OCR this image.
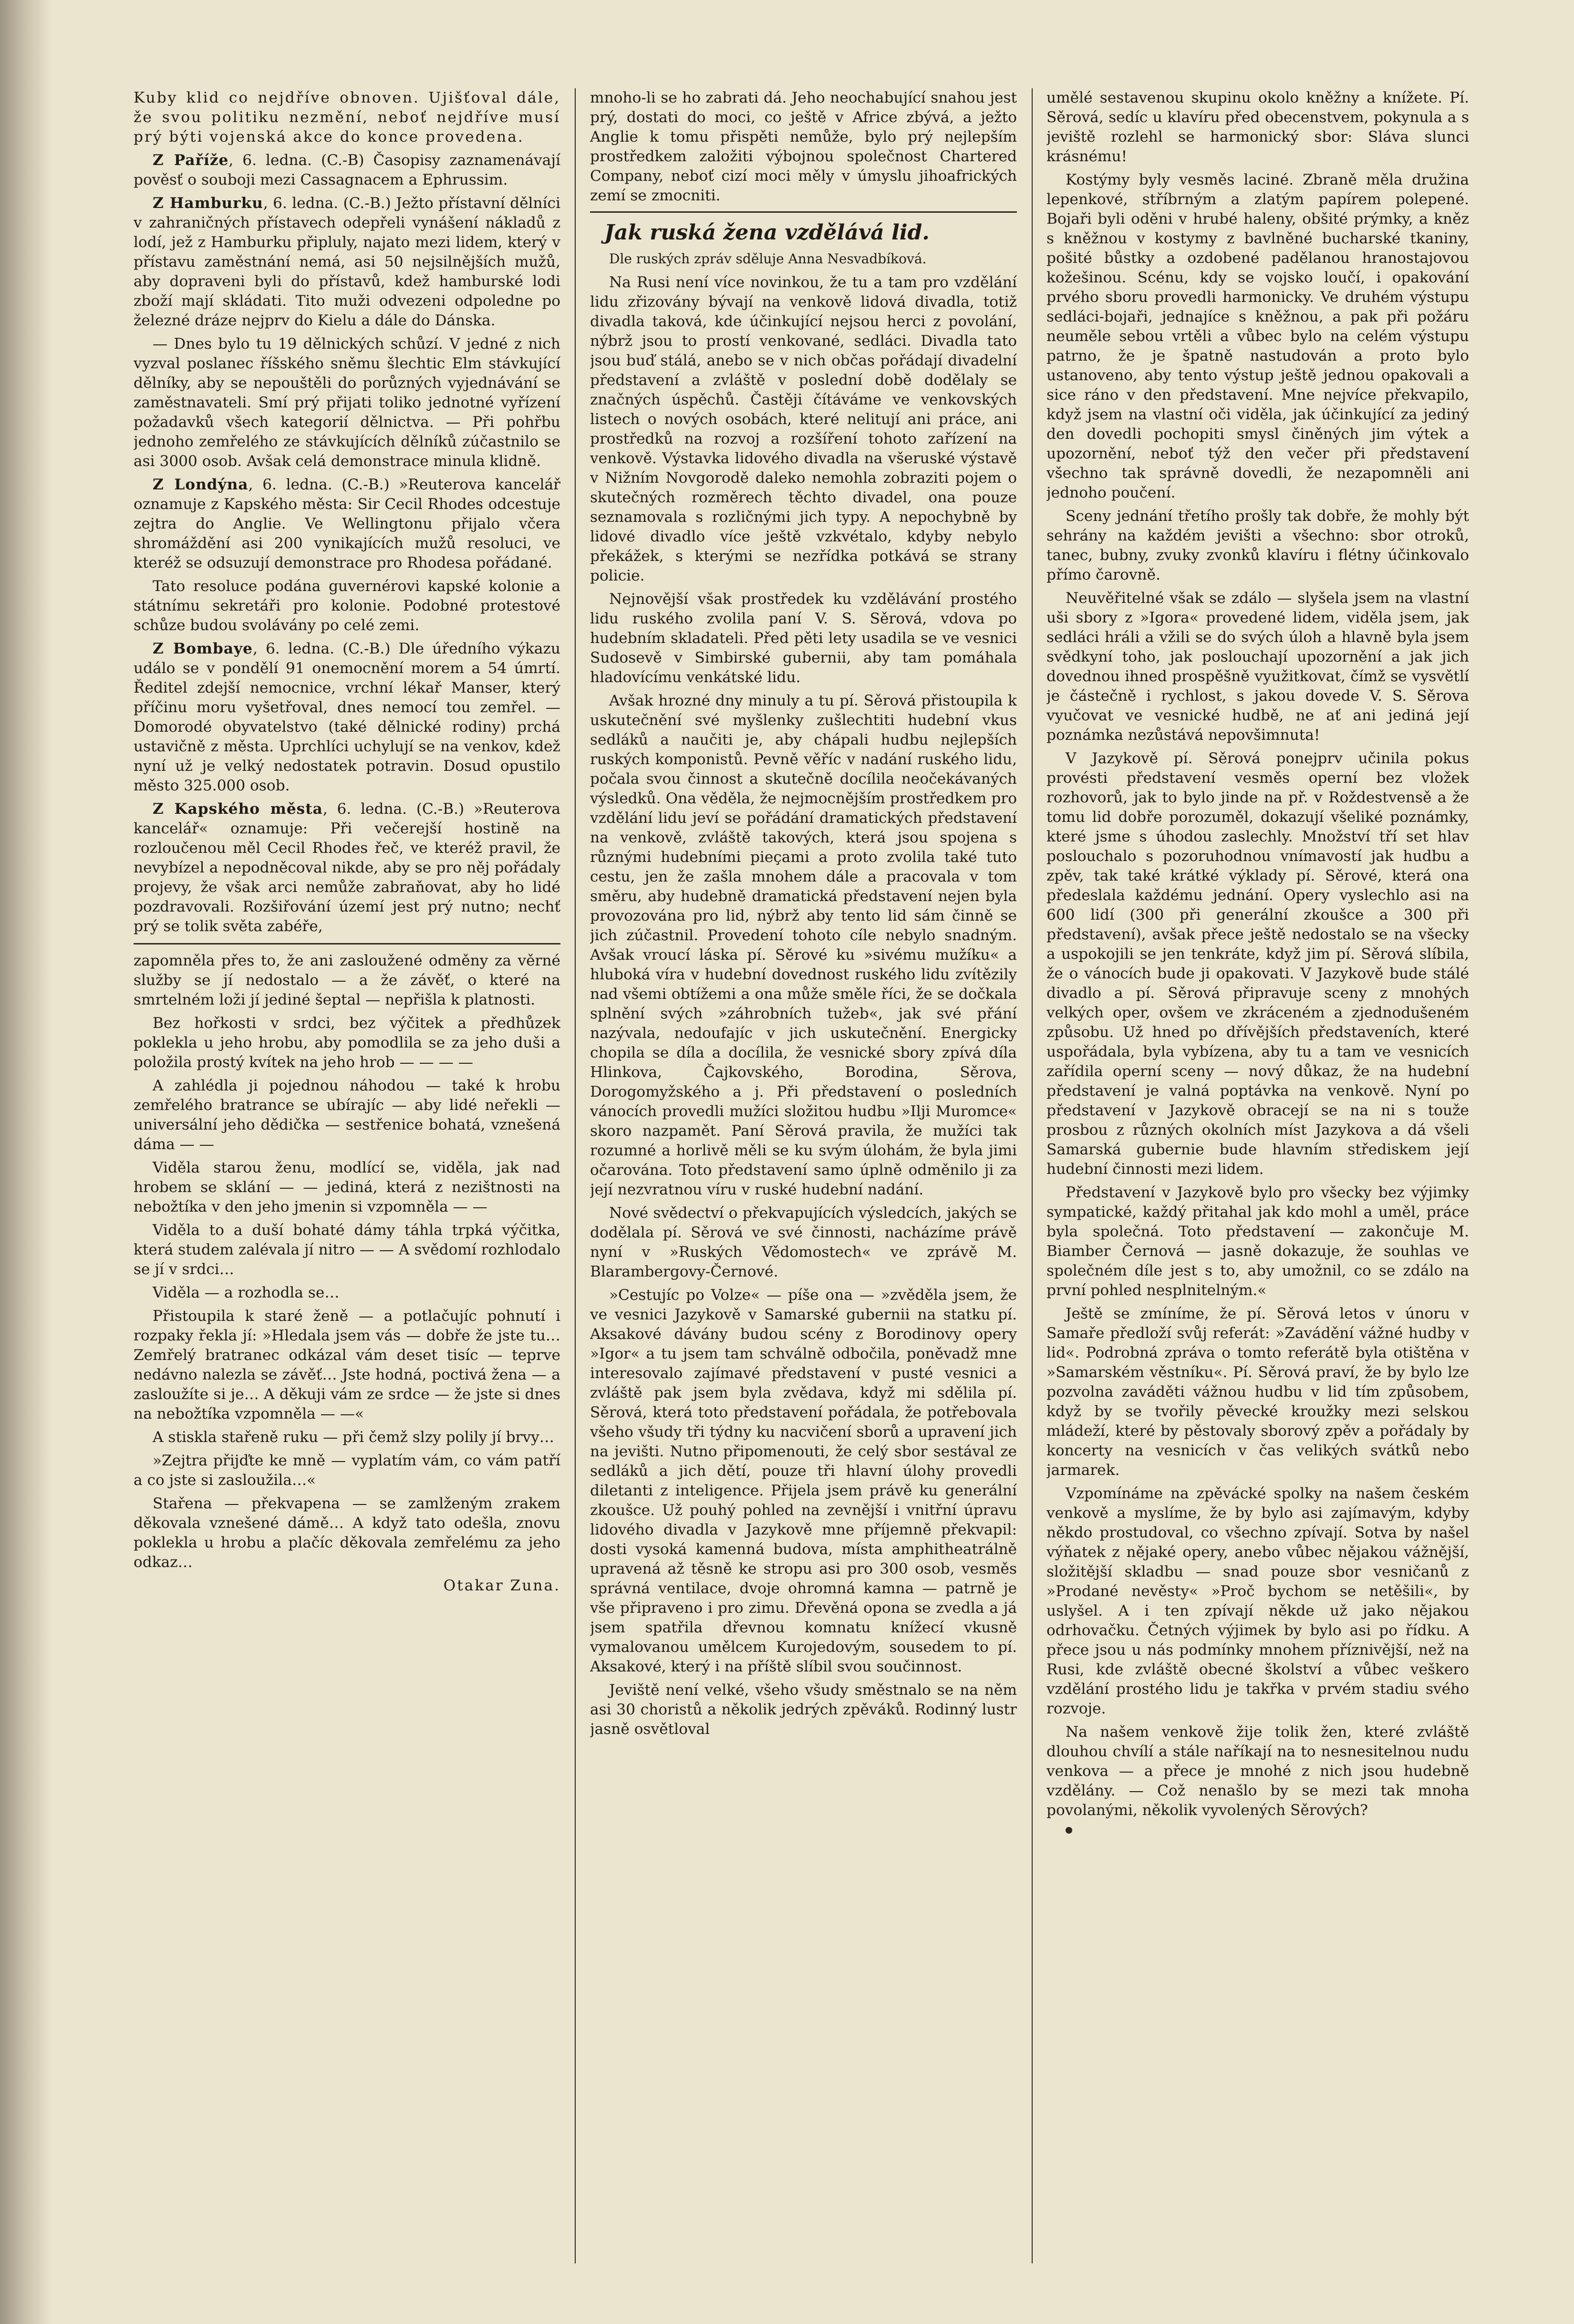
Kuby klid co nejdříve obnoven. Ujišťoval dále, že svou politiku nezmění, neboť nejdříve musí prý býti vojenská akce do konce provedena.

Z Paříže, 6. ledna. (C.-B) Časopisy zaznamenávají pověsť o souboji mezi Cassagnacem a Ephrussim.

Z Hamburku, 6. ledna. (C.-B.) Ježto přístavní dělníci v zahraničných přístavech odepřeli vynášení nákladů z lodí, jež z Hamburku připluly, najato mezi lidem, který v přístavu zaměstnání nemá, asi 50 nejsilnějších mužů, aby dopraveni byli do přístavů, kdež hamburské lodi zboží mají skládati. Tito muži odvezeni odpoledne po železné dráze nejprv do Kielu a dále do Dánska.

— Dnes bylo tu 19 dělnických schůzí. V jedné z nich vyzval poslanec říšského sněmu šlechtic Elm stávkující dělníky, aby se nepouštěli do porůzných vyjednávání se zaměstnavateli. Smí prý přijati toliko jednotné vyřízení požadavků všech kategorií dělnictva. — Při pohřbu jednoho zemřelého ze stávkujících dělníků zúčastnilo se asi 3000 osob. Avšak celá demonstrace minula klidně.

Z Londýna, 6. ledna. (C.-B.) »Reuterova kancelář oznamuje z Kapského města: Sir Cecil Rhodes odcestuje zejtra do Anglie. Ve Wellingtonu přijalo včera shromáždění asi 200 vynikajících mužů resoluci, ve kteréž se odsuzují demonstrace pro Rhodesa pořádané.

Tato resoluce podána guvernérovi kapské kolonie a státnímu sekretáři pro kolonie. Podobné protestové schůze budou svolávány po celé zemi.

Z Bombaye, 6. ledna. (C.-B.) Dle úředního výkazu událo se v pondělí 91 onemocnění morem a 54 úmrtí. Ředitel zdejší nemocnice, vrchní lékař Manser, který příčinu moru vyšetřoval, dnes nemocí tou zemřel. — Domorodé obyvatelstvo (také dělnické rodiny) prchá ustavičně z města. Uprchlíci uchylují se na venkov, kdež nyní už je velký nedostatek potravin. Dosud opustilo město 325.000 osob.

Z Kapského města, 6. ledna. (C.-B.) »Reuterova kancelář« oznamuje: Při večerejší hostině na rozloučenou měl Cecil Rhodes řeč, ve kteréž pravil, že nevybízel a nepodněcoval nikde, aby se pro něj pořádaly projevy, že však arci nemůže zabraňovat, aby ho lidé pozdravovali. Rozšiřování území jest prý nutno; nechť prý se tolik světa zabéře,

zapomněla přes to, že ani zasloužené odměny za věrné služby se jí nedostalo — a že závěť, o které na smrtelném loži jí jediné šeptal — nepřišla k platnosti.

Bez hořkosti v srdci, bez výčitek a předhůzek poklekla u jeho hrobu, aby pomodlila se za jeho duši a položila prostý kvítek na jeho hrob — — — —

A zahlédla ji pojednou náhodou — také k hrobu zemřelého bratrance se ubírajíc — aby lidé neřekli — universální jeho dědička — sestřenice bohatá, vznešená dáma — —

Viděla starou ženu, modlící se, viděla, jak nad hrobem se sklání — — jediná, která z nezištnosti na nebožtíka v den jeho jmenin si vzpomněla — —

Viděla to a duší bohaté dámy táhla trpká výčitka, která studem zalévala jí nitro — — A svědomí rozhlodalo se jí v srdci…

Viděla — a rozhodla se…

Přistoupila k staré ženě — a potlačujíc pohnutí i rozpaky řekla jí: »Hledala jsem vás — dobře že jste tu… Zemřelý bratranec odkázal vám deset tisíc — teprve nedávno nalezla se závěť… Jste hodná, poctivá žena — a zasloužíte si je… A děkuji vám ze srdce — že jste si dnes na nebožtíka vzpomněla — —«

A stiskla stařeně ruku — při čemž slzy polily jí brvy…

»Zejtra přijďte ke mně — vyplatím vám, co vám patří a co jste si zasloužila…«

Stařena — překvapena — se zamlženým zrakem děkovala vznešené dámě… A když tato odešla, znovu poklekla u hrobu a plačíc děkovala zemřelému za jeho odkaz…

Otakar Zuna.

mnoho-li se ho zabrati dá. Jeho neochabující snahou jest prý, dostati do moci, co ještě v Africe zbývá, a ježto Anglie k tomu přispěti nemůže, bylo prý nejlepším prostředkem založiti výbojnou společnost Chartered Company, neboť cizí moci měly v úmyslu jihoafrických zemí se zmocniti.

Jak ruská žena vzdělává lid.

Dle ruských zpráv sděluje Anna Nesvadbíková.

Na Rusi není více novinkou, že tu a tam pro vzdělání lidu zřizovány bývají na venkově lidová divadla, totiž divadla taková, kde účinkující nejsou herci z povolání, nýbrž jsou to prostí venkované, sedláci. Divadla tato jsou buď stálá, anebo se v nich občas pořádají divadelní představení a zvláště v poslední době dodělaly se značných úspěchů. Častěji čítáváme ve venkovských listech o nových osobách, které nelitují ani práce, ani prostředků na rozvoj a rozšíření tohoto zařízení na venkově. Výstavka lidového divadla na všeruské výstavě v Nižním Novgorodě daleko nemohla zobraziti pojem o skutečných rozměrech těchto divadel, ona pouze seznamovala s rozličnými jich typy. A nepochybně by lidové divadlo více ještě vzkvétalo, kdyby nebylo překážek, s kterými se nezřídka potkává se strany policie.

Nejnovější však prostředek ku vzdělávání prostého lidu ruského zvolila paní V. S. Sěrová, vdova po hudebním skladateli. Před pěti lety usadila se ve vesnici Sudosevě v Simbirské gubernii, aby tam pomáhala hladovícímu venkátské lidu.

Avšak hrozné dny minuly a tu pí. Sěrová přistoupila k uskutečnění své myšlenky zušlechtiti hudební vkus sedláků a naučiti je, aby chápali hudbu nejlepších ruských komponistů. Pevně věříc v nadání ruského lidu, počala svou činnost a skutečně docílila neočekávaných výsledků. Ona věděla, že nejmocnějším prostředkem pro vzdělání lidu jeví se pořádání dramatických představení na venkově, zvláště takových, která jsou spojena s různými hudebními pieçami a proto zvolila také tuto cestu, jen že zašla mnohem dále a pracovala v tom směru, aby hudebně dramatická představení nejen byla provozována pro lid, nýbrž aby tento lid sám činně se jich zúčastnil. Provedení tohoto cíle nebylo snadným. Avšak vroucí láska pí. Sěrové ku »sivému mužíku« a hluboká víra v hudební dovednost ruského lidu zvítězily nad všemi obtížemi a ona může směle říci, že se dočkala splnění svých »záhrobních tužeb«, jak své přání nazývala, nedoufajíc v jich uskutečnění. Energicky chopila se díla a docílila, že vesnické sbory zpívá díla Hlinkova, Čajkovského, Borodina, Sěrova, Dorogomyžského a j. Při představení o posledních vánocích provedli mužíci složitou hudbu »Ilji Muromce« skoro nazpamět. Paní Sěrová pravila, že mužíci tak rozumné a horlivě měli se ku svým úlohám, že byla jimi očarována. Toto představení samo úplně odměnilo ji za její nezvratnou víru v ruské hudební nadání.

Nové svědectví o překvapujících výsledcích, jakých se dodělala pí. Sěrová ve své činnosti, nacházíme právě nyní v »Ruských Vědomostech« ve zprávě M. Blarambergovy-Černové.

»Cestujíc po Volze« — píše ona — »zvěděla jsem, že ve vesnici Jazykově v Samarské gubernii na statku pí. Aksakové dávány budou scény z Borodinovy opery »Igor« a tu jsem tam schválně odbočila, poněvadž mne interesovalo zajímavé představení v pusté vesnici a zvláště pak jsem byla zvědava, když mi sdělila pí. Sěrová, která toto představení pořádala, že potřebovala všeho všudy tři týdny ku nacvičení sborů a upravení jich na jevišti. Nutno připomenouti, že celý sbor sestával ze sedláků a jich dětí, pouze tři hlavní úlohy provedli diletanti z inteligence. Přijela jsem právě ku generální zkoušce. Už pouhý pohled na zevnější i vnitřní úpravu lidového divadla v Jazykově mne příjemně překvapil: dosti vysoká kamenná budova, místa amphitheatrálně upravená až těsně ke stropu asi pro 300 osob, vesměs správná ventilace, dvoje ohromná kamna — patrně je vše připraveno i pro zimu. Dřevěná opona se zvedla a já jsem spatřila dřevnou komnatu knížecí vkusně vymalovanou umělcem Kurojedovým, sousedem to pí. Aksakové, který i na příště slíbil svou součinnost.

Jeviště není velké, všeho všudy směstnalo se na něm asi 30 choristů a několik jedrých zpěváků. Rodinný lustr jasně osvětloval

umělé sestavenou skupinu okolo kněžny a knížete. Pí. Sěrová, sedíc u klavíru před obecenstvem, pokynula a s jeviště rozlehl se harmonický sbor: Sláva slunci krásnému!

Kostýmy byly vesměs laciné. Zbraně měla družina lepenkové, stříbrným a zlatým papírem polepené. Bojaři byli oděni v hrubé haleny, obšité prýmky, a kněz s kněžnou v kostymy z bavlněné bucharské tkaniny, pošité bůstky a ozdobené padělanou hranostajovou kožešinou. Scénu, kdy se vojsko loučí, i opakování prvého sboru provedli harmonicky. Ve druhém výstupu sedláci-bojaři, jednajíce s kněžnou, a pak při požáru neuměle sebou vrtěli a vůbec bylo na celém výstupu patrno, že je špatně nastudován a proto bylo ustanoveno, aby tento výstup ještě jednou opakovali a sice ráno v den představení. Mne nejvíce překvapilo, když jsem na vlastní oči viděla, jak účinkující za jediný den dovedli pochopiti smysl činěných jim výtek a upozornění, neboť týž den večer při představení všechno tak správně dovedli, že nezapomněli ani jednoho poučení.

Sceny jednání třetího prošly tak dobře, že mohly být sehrány na každém jevišti a všechno: sbor otroků, tanec, bubny, zvuky zvonků klavíru i flétny účinkovalo přímo čarovně.

Neuvěřitelné však se zdálo — slyšela jsem na vlastní uši sbory z »Igora« provedené lidem, viděla jsem, jak sedláci hráli a vžili se do svých úloh a hlavně byla jsem svědkyní toho, jak poslouchají upozornění a jak jich dovednou ihned prospěšně využitkovat, čímž se vysvětlí je částečně i rychlost, s jakou dovede V. S. Sěrova vyučovat ve vesnické hudbě, ne ať ani jediná její poznámka nezůstává nepovšimnuta!

V Jazykově pí. Sěrová ponejprv učinila pokus provésti představení vesměs operní bez vložek rozhovorů, jak to bylo jinde na př. v Roždestvensě a že tomu lid dobře porozuměl, dokazují všeliké poznámky, které jsme s úhodou zaslechly. Množství tří set hlav poslouchalo s pozoruhodnou vnímavostí jak hudbu a zpěv, tak také krátké výklady pí. Sěrové, která ona předeslala každému jednání. Opery vyslechlo asi na 600 lidí (300 při generální zkoušce a 300 při představení), avšak přece ještě nedostalo se na všecky a uspokojili se jen tenkráte, když jim pí. Sěrová slíbila, že o vánocích bude ji opakovati. V Jazykově bude stálé divadlo a pí. Sěrová připravuje sceny z mnohých velkých oper, ovšem ve zkráceném a zjednodušeném způsobu. Už hned po dřívějších představeních, které uspořádala, byla vybízena, aby tu a tam ve vesnicích zařídila operní sceny — nový důkaz, že na hudební představení je valná poptávka na venkově. Nyní po představení v Jazykově obracejí se na ni s touže prosbou z různých okolních míst Jazykova a dá všeli Samarská gubernie bude hlavním střediskem její hudební činnosti mezi lidem.

Představení v Jazykově bylo pro všecky bez výjimky sympatické, každý přitahal jak kdo mohl a uměl, práce byla společná. Toto představení — zakončuje M. Biamber Černová — jasně dokazuje, že souhlas ve společném díle jest s to, aby umožnil, co se zdálo na první pohled nesplnitelným.«

Ještě se zmíníme, že pí. Sěrová letos v únoru v Samaře předloží svůj referát: »Zavádění vážné hudby v lid«. Podrobná zpráva o tomto referátě byla otištěna v »Samarském věstníku«. Pí. Sěrová praví, že by bylo lze pozvolna zaváděti vážnou hudbu v lid tím způsobem, když by se tvořily pěvecké kroužky mezi selskou mládeží, které by pěstovaly sborový zpěv a pořádaly by koncerty na vesnicích v čas velikých svátků nebo jarmarek.

Vzpomínáme na zpěvácké spolky na našem českém venkově a myslíme, že by bylo asi zajímavým, kdyby někdo prostudoval, co všechno zpívají. Sotva by našel výňatek z nějaké opery, anebo vůbec nějakou vážnější, složitější skladbu — snad pouze sbor vesničanů z »Prodané nevěsty« »Proč bychom se netěšili«, by uslyšel. A i ten zpívají někde už jako nějakou odrhovačku. Četných výjimek by bylo asi po řídku. A přece jsou u nás podmínky mnohem příznivější, než na Rusi, kde zvláště obecné školství a vůbec veškero vzdělání prostého lidu je takřka v prvém stadiu svého rozvoje.

Na našem venkově žije tolik žen, které zvláště dlouhou chvílí a stále naříkají na to nesnesitelnou nudu venkova — a přece je mnohé z nich jsou hudebně vzdělány. — Což nenašlo by se mezi tak mnoha povolanými, několik vyvolených Sěrových?
